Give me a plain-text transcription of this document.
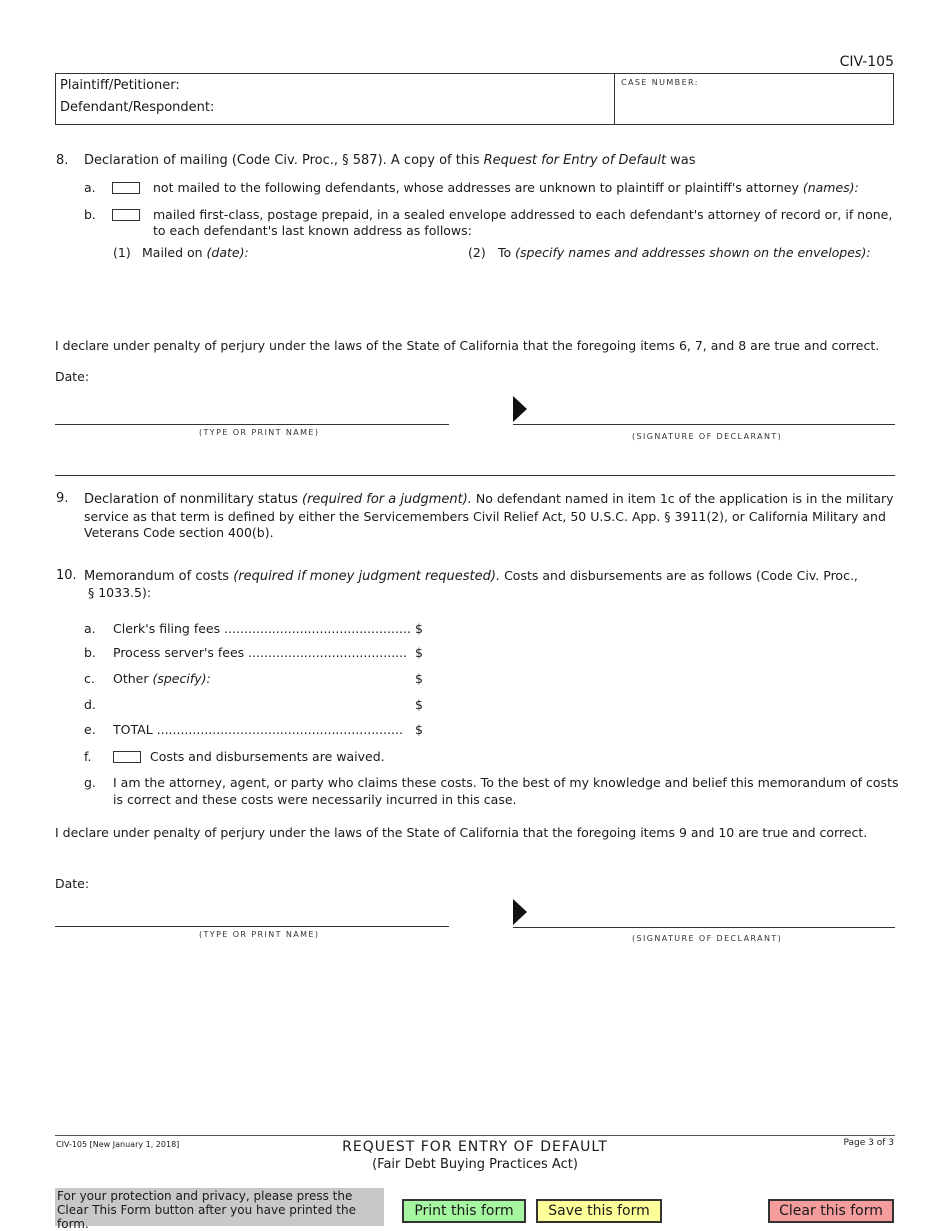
CIV-105
Plaintiff/Petitioner:
Defendant/Respondent:
CASE NUMBER:
8. Declaration of mailing (Code Civ. Proc., § 587). A copy of this Request for Entry of Default was
a.	not mailed to the following defendants, whose addresses are unknown to plaintiff or plaintiff's attorney (names):
b.	mailed first-class, postage prepaid, in a sealed envelope addressed to each defendant's attorney of record or, if none,
to each defendant's last known address as follows:
(1) Mailed on (date):	(2) To (specify names and addresses shown on the envelopes):
I declare under penalty of perjury under the laws of the State of California that the foregoing items 6, 7, and 8 are true and correct.
Date:
(TYPE OR PRINT NAME)	(SIGNATURE OF DECLARANT)
9. Declaration of nonmilitary status (required for a judgment). No defendant named in item 1c of the application is in the military
service as that term is defined by either the Servicemembers Civil Relief Act, 50 U.S.C. App. § 3911(2), or California Military and
Veterans Code section 400(b).
10. Memorandum of costs (required if money judgment requested). Costs and disbursements are as follows (Code Civ. Proc.,
§ 1033.5):
a. Clerk's filing fees ............................................... $
b. Process server's fees ........................................ $
c. Other (specify):	$
d.	$
e. TOTAL .............................................................. $
f.	Costs and disbursements are waived.
g. I am the attorney, agent, or party who claims these costs. To the best of my knowledge and belief this memorandum of costs
is correct and these costs were necessarily incurred in this case.
I declare under penalty of perjury under the laws of the State of California that the foregoing items 9 and 10 are true and correct.
Date:
(TYPE OR PRINT NAME)	(SIGNATURE OF DECLARANT)
CIV-105 [New January 1, 2018]	REQUEST FOR ENTRY OF DEFAULT
(Fair Debt Buying Practices Act)
Page 3 of 3
For your protection and privacy, please press the Clear This Form button after you have printed the form.
Print this form	Save this form	Clear this form
